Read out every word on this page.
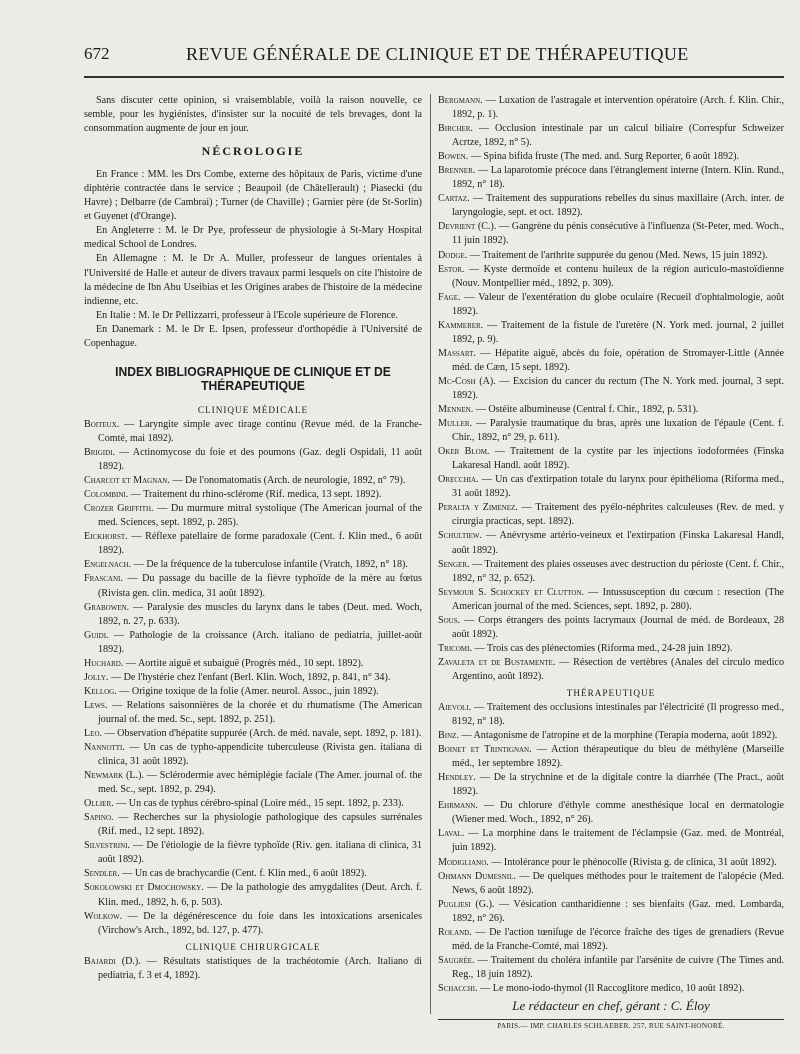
672	REVUE GÉNÉRALE DE CLINIQUE ET DE THÉRAPEUTIQUE

Sans discuter cette opinion, si vraisemblable, voilà la raison nouvelle, ce semble, pour les hygiénistes, d'insister sur la nocuité de tels brevages, dont la consommation augmente de jour en jour.

NÉCROLOGIE

En France : MM. les Drs Combe, externe des hôpitaux de Paris, victime d'une diphtérie contractée dans le service ; Beaupoil (de Châtellerault) ; Piasecki (du Havre) ; Delbarre (de Cambrai) ; Turner (de Chaville) ; Garnier père (de St-Sorlin) et Guyenet (d'Orange).

En Angleterre : M. le Dr Pye, professeur de physiologie à St-Mary Hospital medical School de Londres.

En Allemagne : M. le Dr A. Muller, professeur de langues orientales à l'Université de Halle et auteur de divers travaux parmi lesquels on cite l'histoire de la médecine de Ibn Abu Useibias et les Origines arabes de l'histoire de la médecine indienne, etc.

En Italie : M. le Dr Pellizzarri, professeur à l'Ecole supérieure de Florence.

En Danemark : M. le Dr E. Ipsen, professeur d'orthopédie à l'Université de Copenhague.

INDEX BIBLIOGRAPHIQUE DE CLINIQUE ET DE THÉRAPEUTIQUE
CLINIQUE MÉDICALE

Boiteux. — Laryngite simple avec tirage continu (Revue méd. de la Franche-Comté, mai 1892).

Brigidi. — Actinomycose du foie et des poumons (Gaz. degli Ospidali, 11 août 1892).

Charcot et Magnan. — De l'onomatomatis (Arch. de neurologie, 1892, n° 79).

Colombini. — Traitement du rhino-sclérome (Rif. medica, 13 sept. 1892).

Crozer Griffith. — Du murmure mitral systolique (The American journal of the med. Sciences, sept. 1892, p. 285).

Eickhorst. — Réflexe patellaire de forme paradoxale (Cent. f. Klin med., 6 août 1892).

Engelnach. — De la fréquence de la tuberculose infantile (Vratch, 1892, n° 18).

Frascani. — Du passage du bacille de la fièvre typhoïde de la mère au fœtus (Rivista gen. clin. medica, 31 août 1892).

Grabowen. — Paralysie des muscles du larynx dans le tabes (Deut. med. Woch, 1892, n. 27, p. 633).

Guidi. — Pathologie de la croissance (Arch. italiano de pediatria, juillet-août 1892).

Huchard. — Aortite aiguë et subaiguë (Progrès méd., 10 sept. 1892).

Jolly. — De l'hystérie chez l'enfant (Berl. Klin. Woch, 1892, p. 841, n° 34).

Kellog. — Origine toxique de la folie (Amer. neurol. Assoc., juin 1892).

Lews. — Relations saisonnières de la chorée et du rhumatisme (The American journal of. the med. Sc., sept. 1892, p. 251).

Leo. — Observation d'hépatite suppurée (Arch. de méd. navale, sept. 1892, p. 181).

Nannotti. — Un cas de typho-appendicite tuberculeuse (Rivista gen. italiana di clinica, 31 août 1892).

Newmark (L.). — Sclérodermie avec hémiplégie faciale (The Amer. journal of. the med. Sc., sept. 1892, p. 294).

Ollier. — Un cas de typhus cérébro-spinal (Loire méd., 15 sept. 1892, p. 233).

Sapino. — Recherches sur la physiologie pathologique des capsules surrénales (Rif. med., 12 sept. 1892).

Silvestrini. — De l'étiologie de la fièvre typhoïde (Riv. gen. italiana di clinica, 31 août 1892).

Sendler. — Un cas de brachycardie (Cent. f. Klin med., 6 août 1892).

Sokolowski et Dmochowsky. — De la pathologie des amygdalites (Deut. Arch. f. Klin. med., 1892, h. 6, p. 503).

Wolkow. — De la dégénérescence du foie dans les intoxications arsenicales (Virchow's Arch., 1892, bd. 127, p. 477).

CLINIQUE CHIRURGICALE

Bajardi (D.). — Résultats statistiques de la trachéotomie (Arch. Italiano di pediatria, f. 3 et 4, 1892).

Bergmann. — Luxation de l'astragale et intervention opératoire (Arch. f. Klin. Chir., 1892, p. 1).

Bircher. — Occlusion intestinale par un calcul biliaire (Correspfur Schweizer Acrtze, 1892, n° 5).

Bowen. — Spina bifida fruste (The med. and. Surg Reporter, 6 août 1892).

Brenner. — La laparotomie précoce dans l'étranglement interne (Intern. Klin. Rund., 1892, n° 18).

Cartaz. — Traitement des suppurations rebelles du sinus maxillaire (Arch. inter. de laryngologie, sept. et oct. 1892).

Devrient (C.). — Gangrène du pénis consécutive à l'influenza (St-Peter, med. Woch., 11 juin 1892).

Dodge. — Traitement de l'arthrite suppurée du genou (Med. News, 15 juin 1892).

Estor. — Kyste dermoïde et contenu huileux de la région auriculo-mastoïdienne (Nouv. Montpellier méd., 1892, p. 309).

Fage. — Valeur de l'exentération du globe oculaire (Recueil d'ophtalmologie, août 1892).

Kammerer. — Traitement de la fistule de l'uretère (N. York med. journal, 2 juillet 1892, p. 9).

Massart. — Hépatite aiguë, abcès du foie, opération de Stromayer-Little (Année méd. de Cæn, 15 sept. 1892).

Mc-Cosh (A). — Excision du cancer du rectum (The N. York med. journal, 3 sept. 1892).

Mennen. — Ostéite albumineuse (Central f. Chir., 1892, p. 531).

Muller. — Paralysie traumatique du bras, après une luxation de l'épaule (Cent. f. Chir., 1892, n° 29, p. 611).

Oker Blom. — Traitement de la cystite par les injections iodoformées (Finska Lakaresal Handl. août 1892).

Orecchia. — Un cas d'extirpation totale du larynx pour épithélioma (Riforma med., 31 août 1892).

Peralta y Zimenez. — Traitement des pyélo-néphrites calculeuses (Rev. de med. y cirurgia practicas, sept. 1892).

Schultiew. — Anévrysme artério-veineux et l'extirpation (Finska Lakaresal Handl, août 1892).

Senger. — Traitement des plaies osseuses avec destruction du périoste (Cent. f. Chir., 1892, n° 32, p. 652).

Seymour S. Schockey et Clutton. — Intussusception du cœcum : resection (The American journal of the med. Sciences, sept. 1892, p. 280).

Sous. — Corps étrangers des points lacrymaux (Journal de méd. de Bordeaux, 28 août 1892).

Tricomi. — Trois cas des plénectomies (Riforma med., 24-28 juin 1892).

Zavaleta et de Bustamente. — Résection de vertèbres (Anales del circulo medico Argentino, août 1892).

THÉRAPEUTIQUE

Aievoli. — Traitement des occlusions intestinales par l'électricité (Il progresso med., 8192, n° 18).

Binz. — Antagonisme de l'atropine et de la morphine (Terapia moderna, août 1892).

Boinet et Trintignan. — Action thérapeutique du bleu de méthylène (Marseille méd., 1er septembre 1892).

Hendley. — De la strychnine et de la digitale contre la diarrhée (The Pract., août 1892).

Ehrmann. — Du chlorure d'éthyle comme anesthésique local en dermatologie (Wiener med. Woch., 1892, n° 26).

Laval. — La morphine dans le traitement de l'éclampsie (Gaz. med. de Montréal, juin 1892).

Modigliano. — Intolérance pour le phénocolle (Rivista g. de clinica, 31 août 1892).

Ohmann Dumesnil. — De quelques méthodes pour le traitement de l'alopécie (Med. News, 6 août 1892).

Pugliesi (G.). — Vésication cantharidienne : ses bienfaits (Gaz. med. Lombarda, 1892, n° 26).

Roland. — De l'action tœniſuge de l'écorce fraîche des tiges de grenadiers (Revue méd. de la Franche-Comté, mai 1892).

Saugrée. — Traitement du choléra infantile par l'arsénite de cuivre (The Times and. Reg., 18 juin 1892).

Schacchi. — Le mono-iodo-thymol (Il Raccoglitore medico, 10 août 1892).

Le rédacteur en chef, gérant : C. Éloy
PARIS.— IMP. CHARLES SCHLAEBER. 257, RUE SAINT-HONORÉ.
